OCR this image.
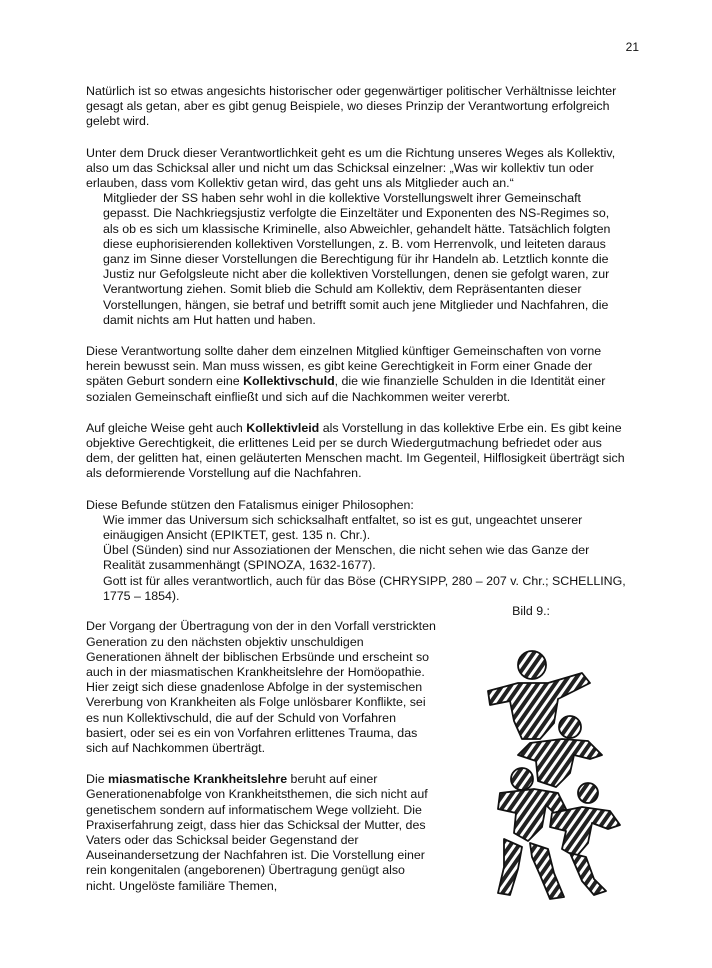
21

Natürlich ist so etwas angesichts historischer oder gegenwärtiger politischer Verhältnisse leichter gesagt als getan, aber es gibt genug Beispiele, wo dieses Prinzip der Verantwortung erfolgreich gelebt wird.

Unter dem Druck dieser Verantwortlichkeit geht es um die Richtung unseres Weges als Kollektiv, also um das Schicksal aller und nicht um das Schicksal einzelner: „Was wir kollektiv tun oder erlauben, dass vom Kollektiv getan wird, das geht uns als Mitglieder auch an.“

Mitglieder der SS haben sehr wohl in die kollektive Vorstellungswelt ihrer Gemeinschaft gepasst. Die Nachkriegsjustiz verfolgte die Einzeltäter und Exponenten des NS-Regimes so, als ob es sich um klassische Kriminelle, also Abweichler, gehandelt hätte. Tatsächlich folgten diese euphorisierenden kollektiven Vorstellungen, z. B. vom Herrenvolk, und leiteten daraus ganz im Sinne dieser Vorstellungen die Berechtigung für ihr Handeln ab. Letztlich konnte die Justiz nur Gefolgsleute nicht aber die kollektiven Vorstellungen, denen sie gefolgt waren, zur Verantwortung ziehen. Somit blieb die Schuld am Kollektiv, dem Repräsentanten dieser Vorstellungen, hängen, sie betraf und betrifft somit auch jene Mitglieder und Nachfahren, die damit nichts am Hut hatten und haben.

Diese Verantwortung sollte daher dem einzelnen Mitglied künftiger Gemeinschaften von vorne herein bewusst sein. Man muss wissen, es gibt keine Gerechtigkeit in Form einer Gnade der späten Geburt sondern eine Kollektivschuld, die wie finanzielle Schulden in die Identität einer sozialen Gemeinschaft einfließt und sich auf die Nachkommen weiter vererbt.

Auf gleiche Weise geht auch Kollektivleid als Vorstellung in das kollektive Erbe ein. Es gibt keine objektive Gerechtigkeit, die erlittenes Leid per se durch Wiedergutmachung befriedet oder aus dem, der gelitten hat, einen geläuterten Menschen macht. Im Gegenteil, Hilflosigkeit überträgt sich als deformierende Vorstellung auf die Nachfahren.

Diese Befunde stützen den Fatalismus einiger Philosophen:
Wie immer das Universum sich schicksalhaft entfaltet, so ist es gut, ungeachtet unserer einäugigen Ansicht (EPIKTET, gest. 135 n. Chr.).
Übel (Sünden) sind nur Assoziationen der Menschen, die nicht sehen wie das Ganze der Realität zusammenhängt (SPINOZA, 1632-1677).
Gott ist für alles verantwortlich, auch für das Böse (CHRYSIPP, 280 – 207 v. Chr.; SCHELLING, 1775 – 1854).
Bild 9.:

Der Vorgang der Übertragung von der in den Vorfall verstrickten Generation zu den nächsten objektiv unschuldigen Generationen ähnelt der biblischen Erbsünde und erscheint so auch in der miasmatischen Krankheitslehre der Homöopathie. Hier zeigt sich diese gnadenlose Abfolge in der systemischen Vererbung von Krankheiten als Folge unlösbarer Konflikte, sei es nun Kollektivschuld, die auf der Schuld von Vorfahren basiert, oder sei es ein von Vorfahren erlittenes Trauma, das sich auf Nachkommen überträgt.

Die miasmatische Krankheitslehre beruht auf einer Generationenabfolge von Krankheitsthemen, die sich nicht auf genetischem sondern auf informatischem Wege vollzieht. Die Praxiserfahrung zeigt, dass hier das Schicksal der Mutter, des Vaters oder das Schicksal beider Gegenstand der Auseinandersetzung der Nachfahren ist. Die Vorstellung einer rein kongenitalen (angeborenen) Übertragung genügt also nicht. Ungelöste familiäre Themen,
